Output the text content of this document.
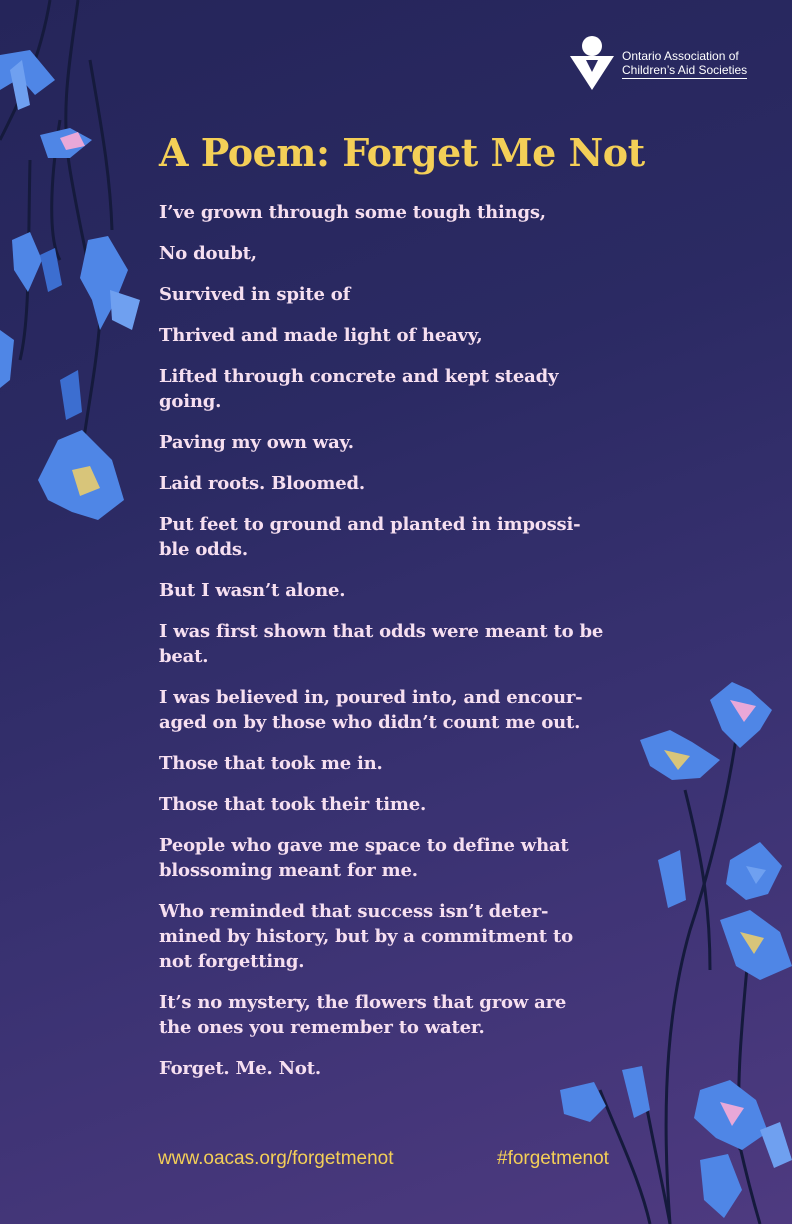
Ontario Association of
Children’s Aid Societies
A Poem: Forget Me Not
I’ve grown through some tough things,
No doubt,
Survived in spite of
Thrived and made light of heavy,
Lifted through concrete and kept steady
going.
Paving my own way.
Laid roots. Bloomed.
Put feet to ground and planted in impossi-
ble odds.
But I wasn’t alone.
I was first shown that odds were meant to be
beat.
I was believed in, poured into, and encour-
aged on by those who didn’t count me out.
Those that took me in.
Those that took their time.
People who gave me space to define what
blossoming meant for me.
Who reminded that success isn’t deter-
mined by history, but by a commitment to
not forgetting.
It’s no mystery, the flowers that grow are
the ones you remember to water.
Forget. Me. Not.
www.oacas.org/forgetmenot	#forgetmenot
